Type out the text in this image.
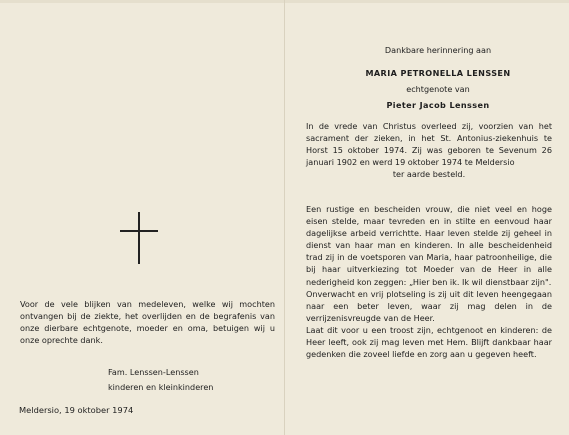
Voor de vele blijken van medeleven, welke wij mochten ontvangen bij de ziekte, het overlijden en de begrafenis van onze dierbare echtgenote, moeder en oma, betuigen wij u onze oprechte dank.
Fam. Lenssen-Lenssen
kinderen en kleinkinderen
Meldersio, 19 oktober 1974
Dankbare herinnering aan
MARIA PETRONELLA LENSSEN
echtgenote van
Pieter Jacob Lenssen

In de vrede van Christus overleed zij, voorzien van het sacrament der zieken, in het St. Antonius-ziekenhuis te Horst 15 oktober 1974. Zij was geboren te Sevenum 26 januari 1902 en werd 19 oktober 1974 te Meldersio

ter aarde besteld.

Een rustige en bescheiden vrouw, die niet veel en hoge eisen stelde, maar tevreden en in stilte en eenvoud haar dagelijkse arbeid verrichtte. Haar leven stelde zij geheel in dienst van haar man en kinderen. In alle bescheidenheid trad zij in de voetsporen van Maria, haar patroonheilige, die bij haar uitverkiezing tot Moeder van de Heer in alle nederigheid kon zeggen: „Hier ben ik. Ik wil dienstbaar zijn".

Onverwacht en vrij plotseling is zij uit dit leven heengegaan naar een beter leven, waar zij mag delen in de verrijzenisvreugde van de Heer.

Laat dit voor u een troost zijn, echtgenoot en kinderen: de Heer leeft, ook zij mag leven met Hem. Blijft dankbaar haar gedenken die zoveel liefde en zorg aan u gegeven heeft.
